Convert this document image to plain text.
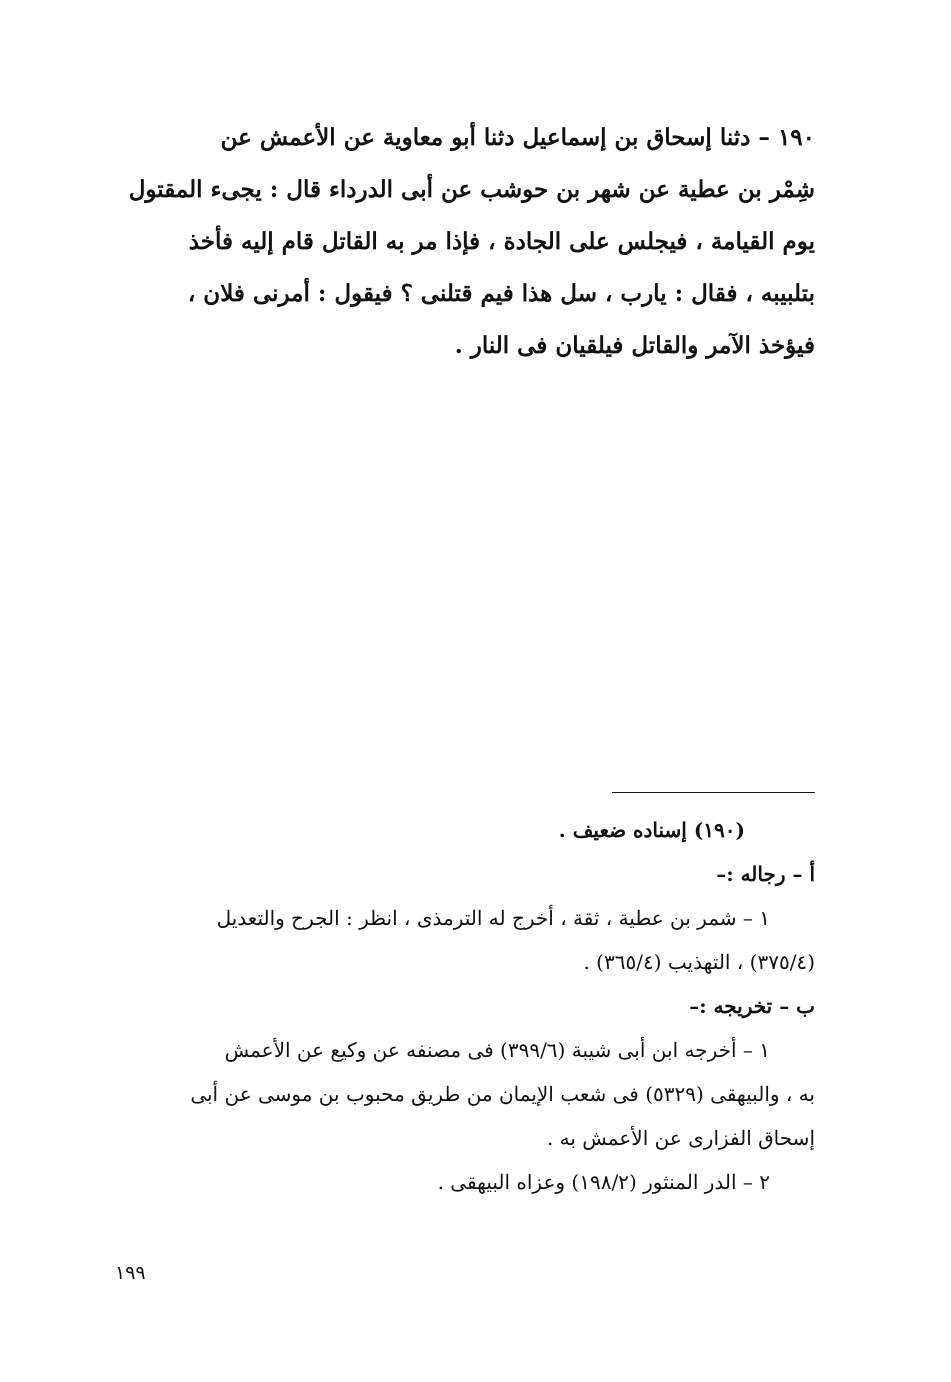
١٩٠ – دثنا إسحاق بن إسماعيل دثنا أبو معاوية عن الأعمش عن
شِمْر بن عطية عن شهر بن حوشب عن أبى الدرداء قال : يجىء المقتول
يوم القيامة ، فيجلس على الجادة ، فإذا مر به القاتل قام إليه فأخذ
بتلبيبه ، فقال : يارب ، سل هذا فيم قتلنى ؟ فيقول : أمرنى فلان ،
فيؤخذ الآمر والقاتل فيلقيان فى النار .
(١٩٠) إسناده ضعيف .
أ – رجاله :–
١ – شمر بن عطية ، ثقة ، أخرج له الترمذى ، انظر : الجرح والتعديل
(٣٧٥/٤) ، التهذيب (٣٦٥/٤) .
ب – تخريجه :–
١ – أخرجه ابن أبى شيبة (٣٩٩/٦) فى مصنفه عن وكيع عن الأعمش
به ، والبيهقى (٥٣٢٩) فى شعب الإيمان من طريق محبوب بن موسى عن أبى
إسحاق الفزارى عن الأعمش به .
٢ – الدر المنثور (١٩٨/٢) وعزاه البيهقى .
١٩٩
